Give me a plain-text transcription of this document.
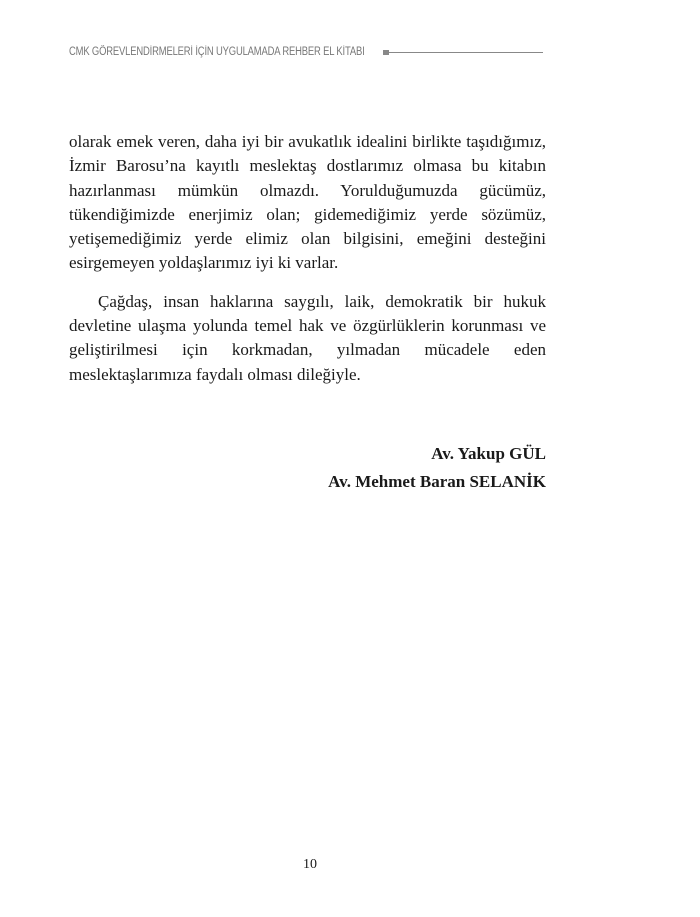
CMK GÖREVLENDİRMELERİ İÇİN UYGULAMADA REHBER EL KİTABI

olarak emek veren, daha iyi bir avukatlık idealini birlikte taşıdığımız, İzmir Barosu’na kayıtlı meslektaş dostlarımız olmasa bu kitabın hazırlanması mümkün olmazdı. Yorulduğumuzda gücümüz, tükendiğimizde enerjimiz olan; gidemediğimiz yerde sözümüz, yetişemediğimiz yerde elimiz olan bilgisini, emeğini desteğini esirgemeyen yoldaşlarımız iyi ki varlar.

Çağdaş, insan haklarına saygılı, laik, demokratik bir hukuk devletine ulaşma yolunda temel hak ve özgürlüklerin korunması ve geliştirilmesi için korkmadan, yılmadan mücadele eden meslektaşlarımıza faydalı olması dileğiyle.

Av. Yakup GÜL
Av. Mehmet Baran SELANİK
10
